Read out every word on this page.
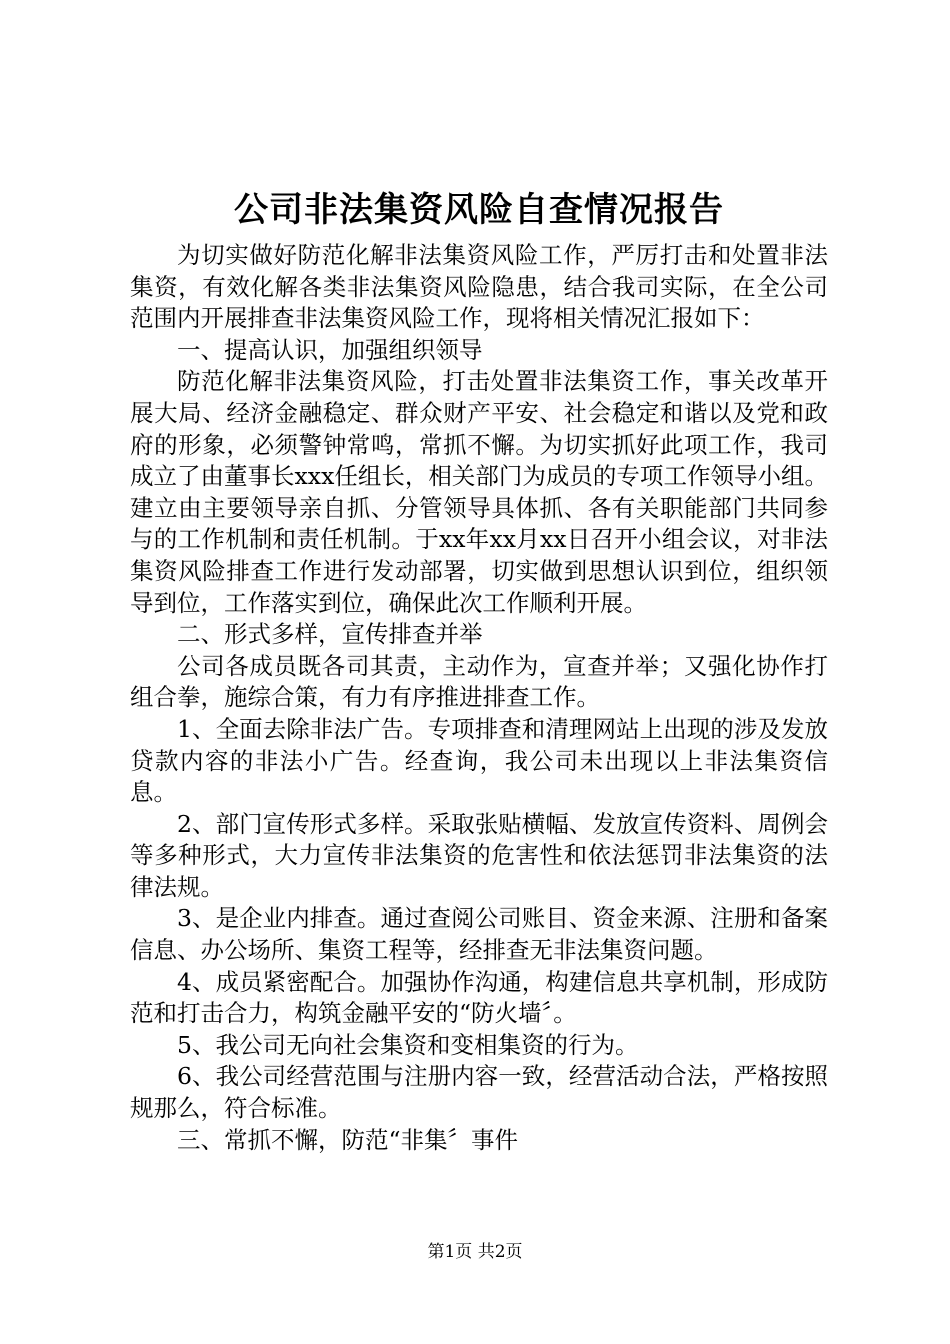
公司非法集资风险自查情况报告

为切实做好防范化解非法集资风险工作，严厉打击和处置非法集资，有效化解各类非法集资风险隐患，结合我司实际，在全公司范围内开展排查非法集资风险工作，现将相关情况汇报如下：

一、提高认识，加强组织领导

防范化解非法集资风险，打击处置非法集资工作，事关改革开展大局、经济金融稳定、群众财产平安、社会稳定和谐以及党和政府的形象，必须警钟常鸣，常抓不懈。为切实抓好此项工作，我司成立了由董事长xxx任组长，相关部门为成员的专项工作领导小组。建立由主要领导亲自抓、分管领导具体抓、各有关职能部门共同参与的工作机制和责任机制。于xx年xx月xx日召开小组会议，对非法集资风险排查工作进行发动部署，切实做到思想认识到位，组织领导到位，工作落实到位，确保此次工作顺利开展。

二、形式多样，宣传排查并举

公司各成员既各司其责，主动作为，宣查并举；又强化协作打组合拳，施综合策，有力有序推进排查工作。

1、全面去除非法广告。专项排查和清理网站上出现的涉及发放贷款内容的非法小广告。经查询，我公司未出现以上非法集资信息。

2、部门宣传形式多样。采取张贴横幅、发放宣传资料、周例会等多种形式，大力宣传非法集资的危害性和依法惩罚非法集资的法律法规。

3、是企业内排查。通过查阅公司账目、资金来源、注册和备案信息、办公场所、集资工程等，经排查无非法集资问题。

4、成员紧密配合。加强协作沟通，构建信息共享机制，形成防范和打击合力，构筑金融平安的“防火墙〞。

5、我公司无向社会集资和变相集资的行为。

6、我公司经营范围与注册内容一致，经营活动合法，严格按照规那么，符合标准。

三、常抓不懈，防范“非集〞事件

第1页 共2页
